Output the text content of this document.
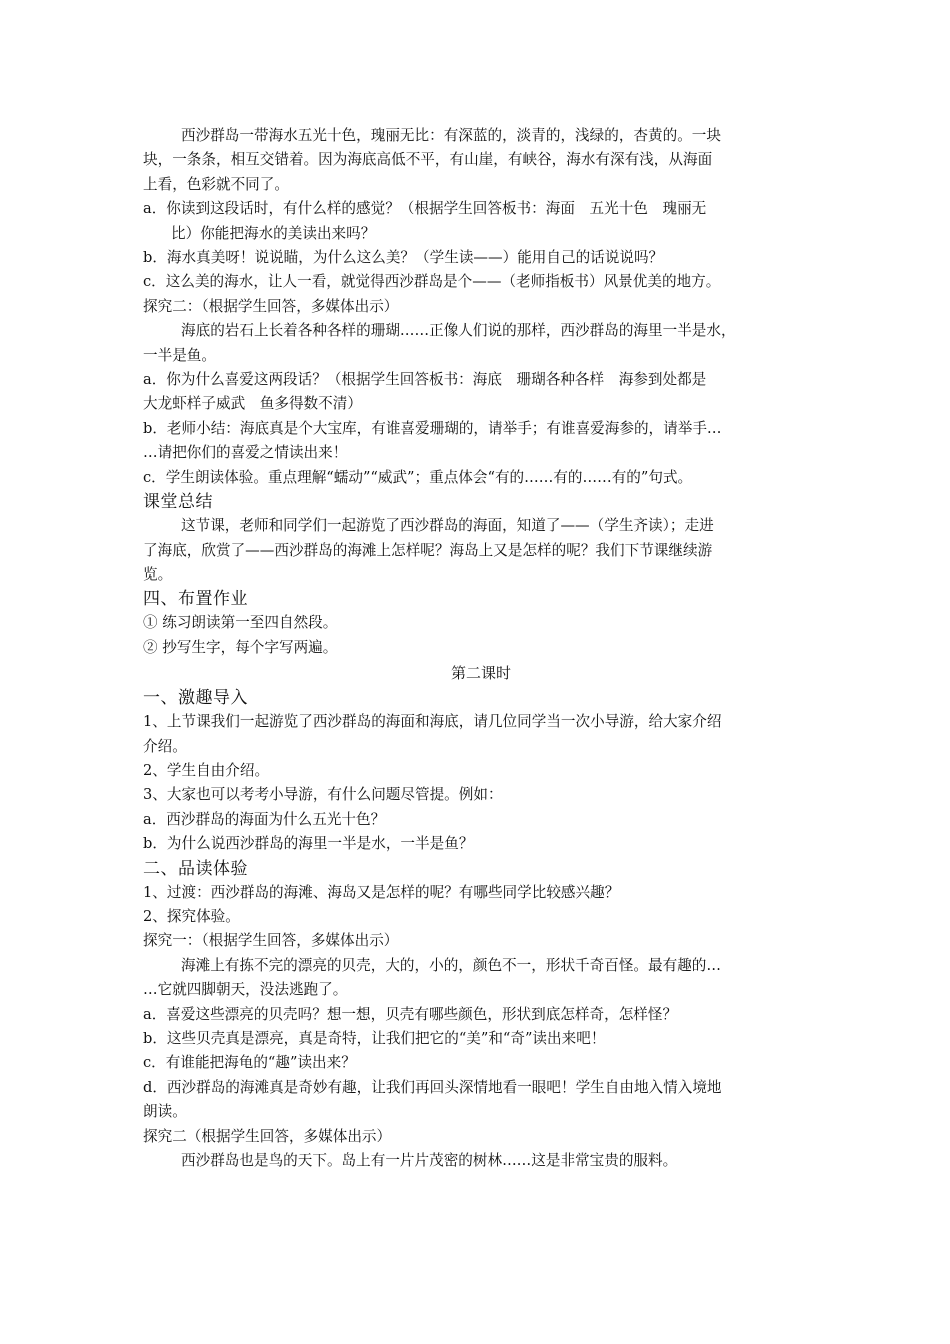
西沙群岛一带海水五光十色，瑰丽无比：有深蓝的，淡青的，浅绿的，杏黄的。一块
块，一条条，相互交错着。因为海底高低不平，有山崖，有峡谷，海水有深有浅，从海面
上看，色彩就不同了。
a．你读到这段话时，有什么样的感觉？（根据学生回答板书：海面　五光十色　瑰丽无
比）你能把海水的美读出来吗？
b．海水真美呀！说说瞄，为什么这么美？（学生读——）能用自己的话说说吗？
c．这么美的海水，让人一看，就觉得西沙群岛是个——（老师指板书）风景优美的地方。
探究二：（根据学生回答，多媒体出示）
海底的岩石上长着各种各样的珊瑚……正像人们说的那样，西沙群岛的海里一半是水，
一半是鱼。
a．你为什么喜爱这两段话？（根据学生回答板书：海底　珊瑚各种各样　海参到处都是
大龙虾样子威武　鱼多得数不清）
b．老师小结：海底真是个大宝库，有谁喜爱珊瑚的，请举手；有谁喜爱海参的，请举手…
…请把你们的喜爱之情读出来！
c．学生朗读体验。重点理解“蠕动”“威武”；重点体会“有的……有的……有的”句式。
课堂总结
这节课，老师和同学们一起游览了西沙群岛的海面，知道了——（学生齐读）；走进
了海底，欣赏了——西沙群岛的海滩上怎样呢？海岛上又是怎样的呢？我们下节课继续游
览。
四、布置作业
① 练习朗读第一至四自然段。
② 抄写生字，每个字写两遍。
第二课时
一、激趣导入
1、上节课我们一起游览了西沙群岛的海面和海底，请几位同学当一次小导游，给大家介绍
介绍。
2、学生自由介绍。
3、大家也可以考考小导游，有什么问题尽管提。例如：
a．西沙群岛的海面为什么五光十色？
b．为什么说西沙群岛的海里一半是水，一半是鱼？
二、品读体验
1、过渡：西沙群岛的海滩、海岛又是怎样的呢？有哪些同学比较感兴趣？
2、探究体验。
探究一：（根据学生回答，多媒体出示）
海滩上有拣不完的漂亮的贝壳，大的，小的，颜色不一，形状千奇百怪。最有趣的…
…它就四脚朝天，没法逃跑了。
a．喜爱这些漂亮的贝壳吗？想一想，贝壳有哪些颜色，形状到底怎样奇，怎样怪？
b．这些贝壳真是漂亮，真是奇特，让我们把它的“美”和“奇”读出来吧！
c．有谁能把海龟的“趣”读出来？
d．西沙群岛的海滩真是奇妙有趣，让我们再回头深情地看一眼吧！学生自由地入情入境地
朗读。
探究二（根据学生回答，多媒体出示）
西沙群岛也是鸟的天下。岛上有一片片茂密的树林……这是非常宝贵的服料。
